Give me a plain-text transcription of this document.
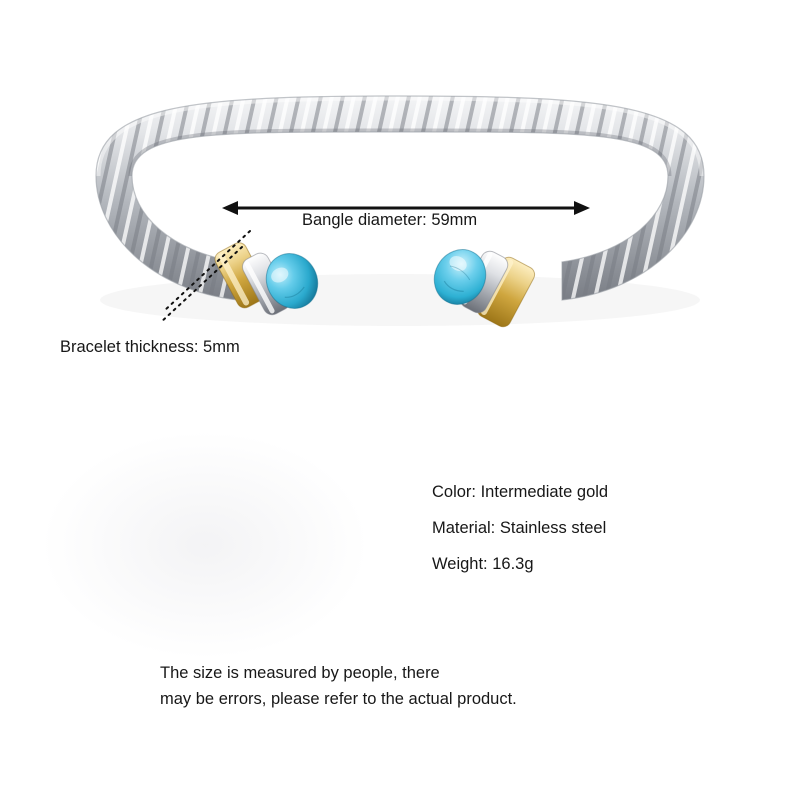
Bangle diameter: 59mm
Bracelet thickness: 5mm
Color: Intermediate gold
Material: Stainless steel
Weight: 16.3g
The size is measured by people, there
may be errors, please refer to the actual product.
